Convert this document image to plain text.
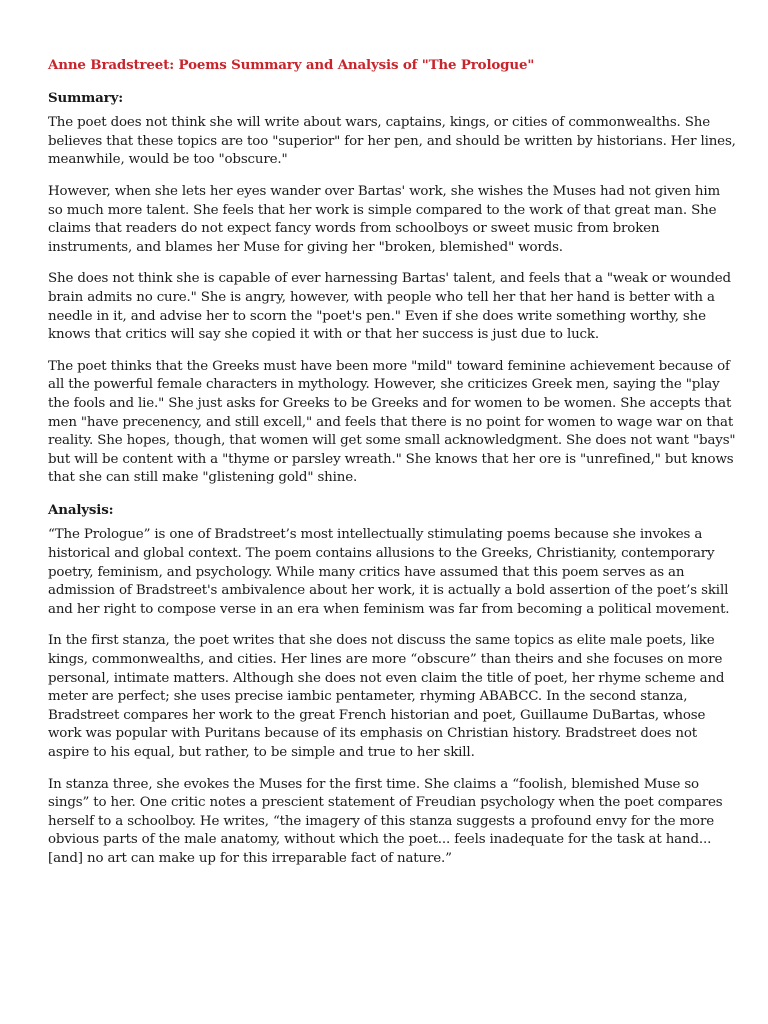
Anne Bradstreet: Poems Summary and Analysis of "The Prologue"
Summary:

The poet does not think she will write about wars, captains, kings, or cities of commonwealths. She believes that these topics are too "superior" for her pen, and should be written by historians. Her lines, meanwhile, would be too "obscure."

However, when she lets her eyes wander over Bartas' work, she wishes the Muses had not given him so much more talent. She feels that her work is simple compared to the work of that great man. She claims that readers do not expect fancy words from schoolboys or sweet music from broken instruments, and blames her Muse for giving her "broken, blemished" words.

She does not think she is capable of ever harnessing Bartas' talent, and feels that a "weak or wounded brain admits no cure." She is angry, however, with people who tell her that her hand is better with a needle in it, and advise her to scorn the "poet's pen." Even if she does write something worthy, she knows that critics will say she copied it with or that her success is just due to luck.

The poet thinks that the Greeks must have been more "mild" toward feminine achievement because of all the powerful female characters in mythology. However, she criticizes Greek men, saying the "play the fools and lie." She just asks for Greeks to be Greeks and for women to be women. She accepts that men "have precenency, and still excell," and feels that there is no point for women to wage war on that reality. She hopes, though, that women will get some small acknowledgment. She does not want "bays" but will be content with a "thyme or parsley wreath." She knows that her ore is "unrefined," but knows that she can still make "glistening gold" shine.

Analysis:

“The Prologue” is one of Bradstreet’s most intellectually stimulating poems because she invokes a historical and global context. The poem contains allusions to the Greeks, Christianity, contemporary poetry, feminism, and psychology. While many critics have assumed that this poem serves as an admission of Bradstreet's ambivalence about her work, it is actually a bold assertion of the poet’s skill and her right to compose verse in an era when feminism was far from becoming a political movement.

In the first stanza, the poet writes that she does not discuss the same topics as elite male poets, like kings, commonwealths, and cities. Her lines are more “obscure” than theirs and she focuses on more personal, intimate matters. Although she does not even claim the title of poet, her rhyme scheme and meter are perfect; she uses precise iambic pentameter, rhyming ABABCC. In the second stanza, Bradstreet compares her work to the great French historian and poet, Guillaume DuBartas, whose work was popular with Puritans because of its emphasis on Christian history. Bradstreet does not aspire to his equal, but rather, to be simple and true to her skill.

In stanza three, she evokes the Muses for the first time. She claims a “foolish, blemished Muse so sings” to her. One critic notes a prescient statement of Freudian psychology when the poet compares herself to a schoolboy. He writes, “the imagery of this stanza suggests a profound envy for the more obvious parts of the male anatomy, without which the poet... feels inadequate for the task at hand... [and] no art can make up for this irreparable fact of nature.”
